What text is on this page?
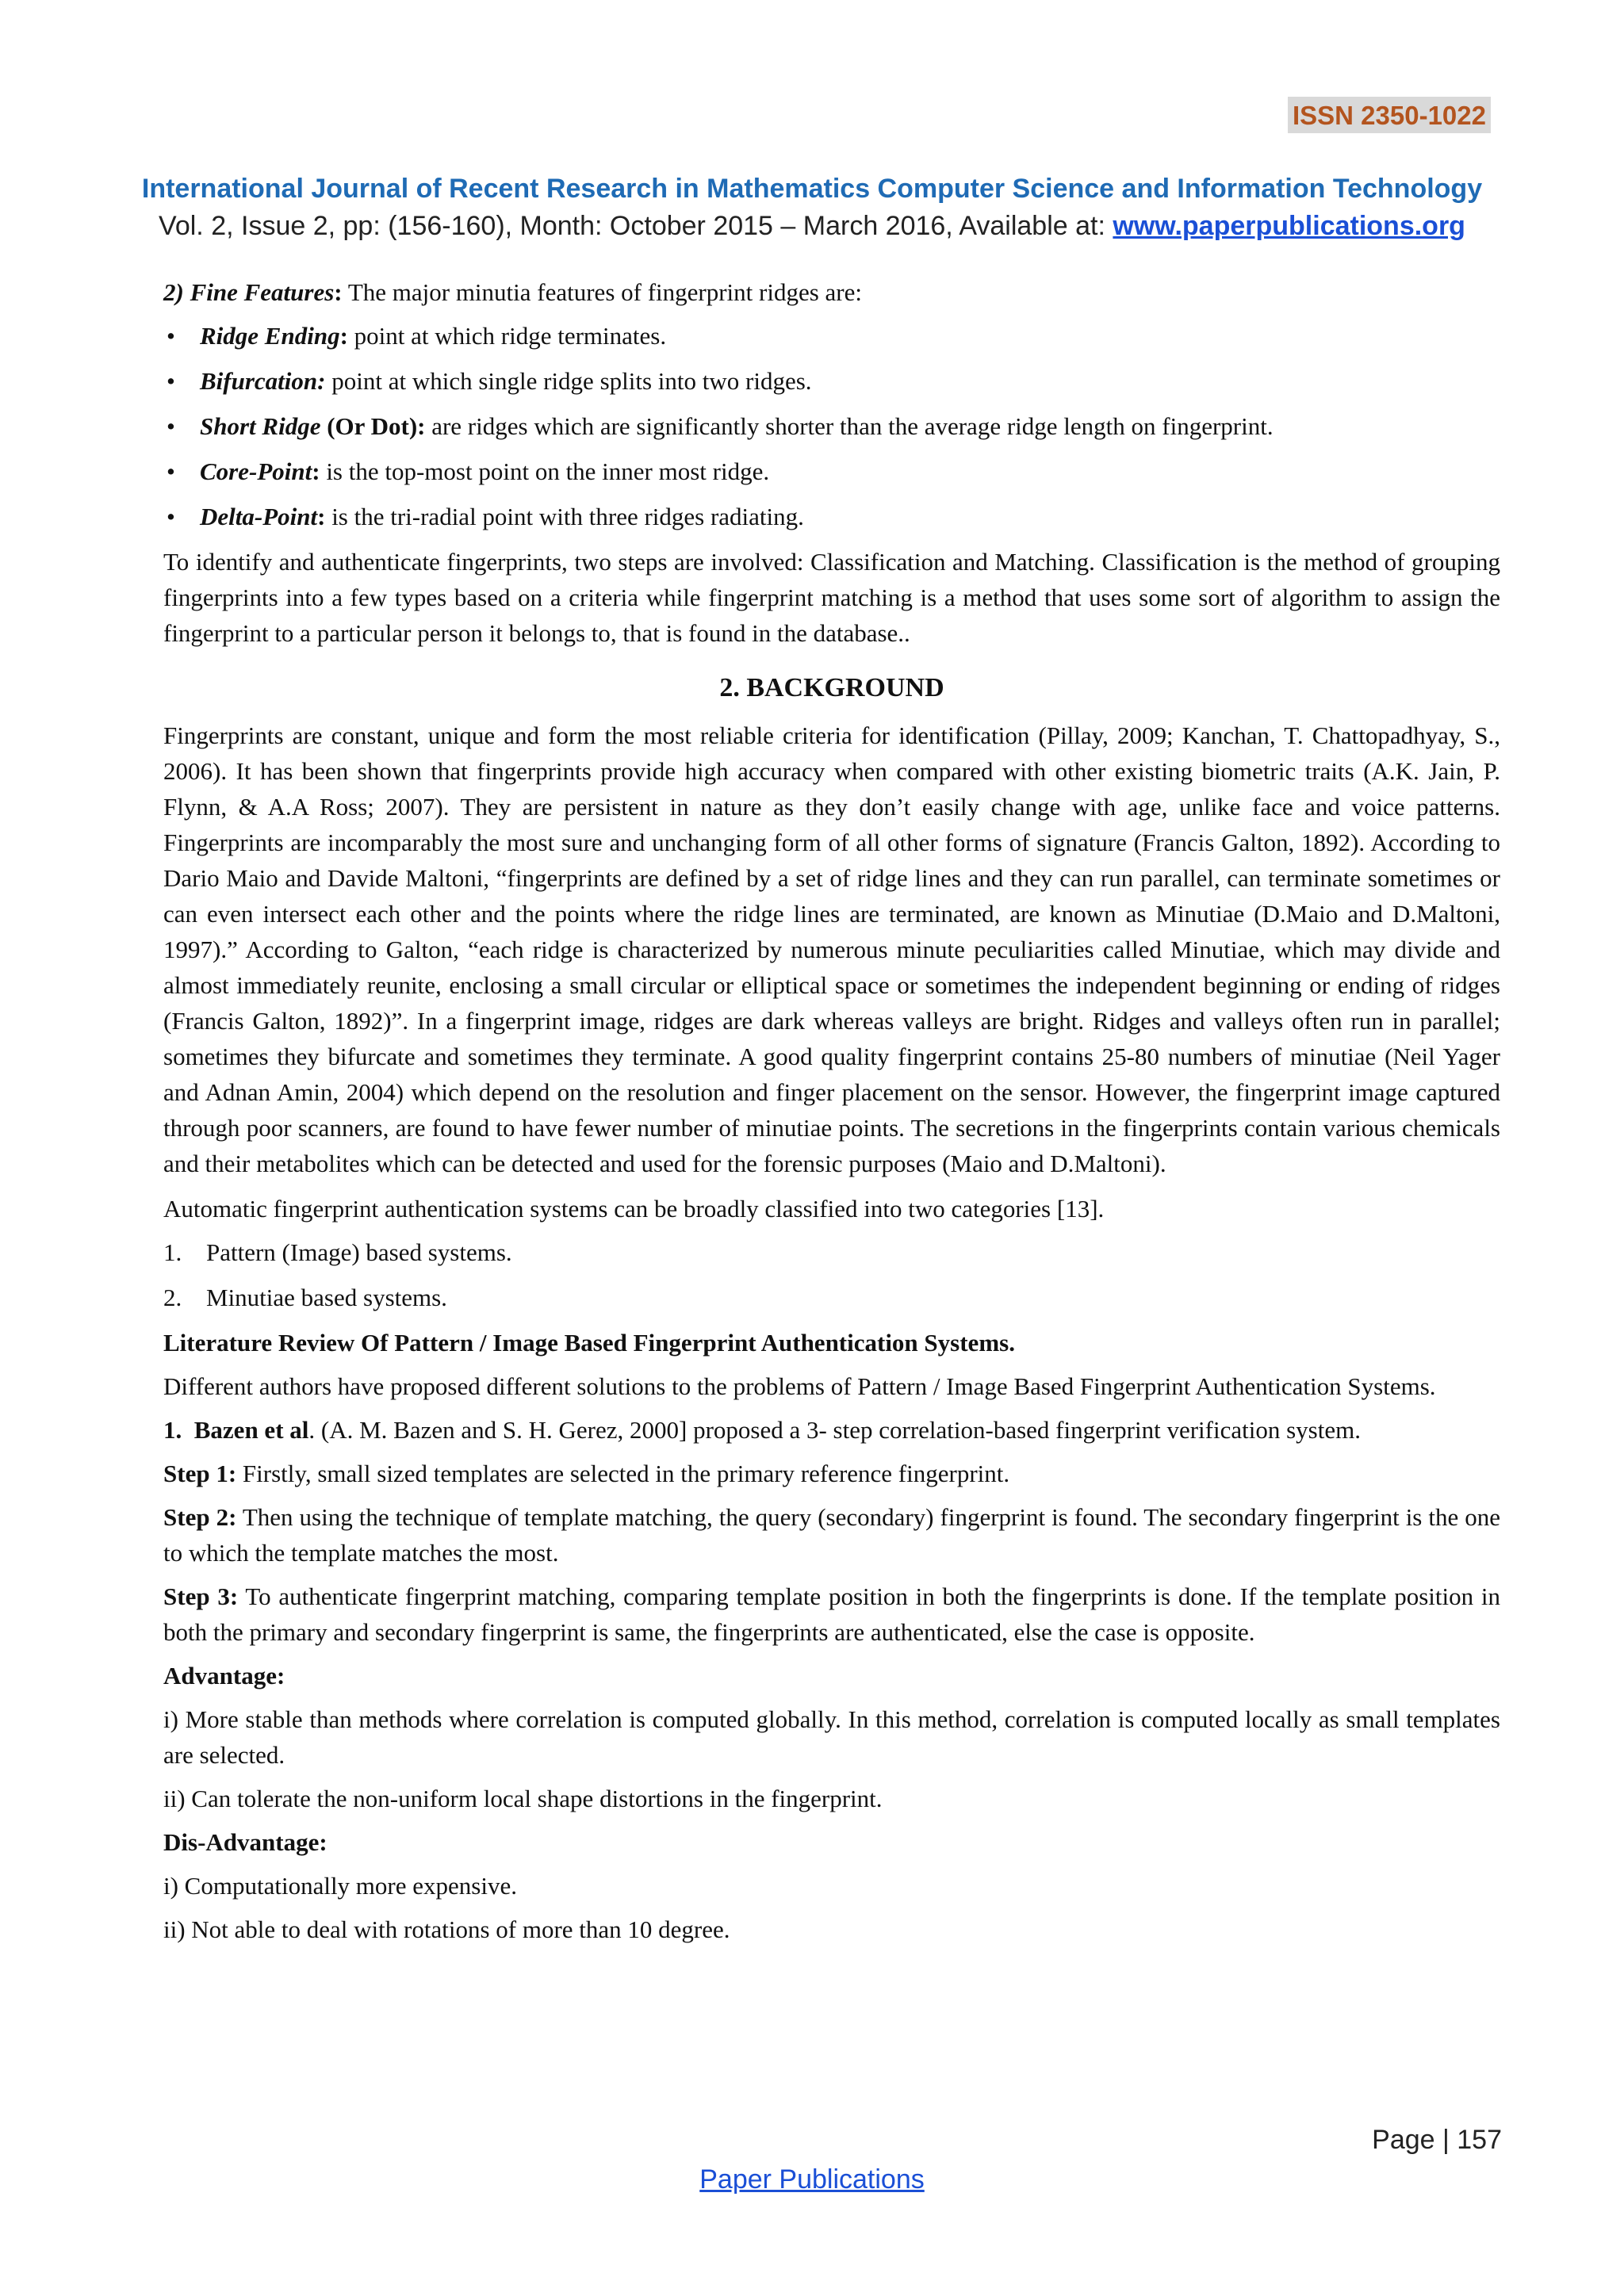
ISSN 2350-1022
International Journal of Recent Research in Mathematics Computer Science and Information Technology
Vol. 2, Issue 2, pp: (156-160), Month: October 2015 – March 2016, Available at: www.paperpublications.org

2) Fine Features: The major minutia features of fingerprint ridges are:

• Ridge Ending: point at which ridge terminates.
• Bifurcation: point at which single ridge splits into two ridges.
• Short Ridge (Or Dot): are ridges which are significantly shorter than the average ridge length on fingerprint.
• Core-Point: is the top-most point on the inner most ridge.
• Delta-Point: is the tri-radial point with three ridges radiating.

To identify and authenticate fingerprints, two steps are involved: Classification and Matching. Classification is the method of grouping fingerprints into a few types based on a criteria while fingerprint matching is a method that uses some sort of algorithm to assign the fingerprint to a particular person it belongs to, that is found in the database..

2. BACKGROUND

Fingerprints are constant, unique and form the most reliable criteria for identification (Pillay, 2009; Kanchan, T. Chattopadhyay, S., 2006). It has been shown that fingerprints provide high accuracy when compared with other existing biometric traits (A.K. Jain, P. Flynn, & A.A Ross; 2007). They are persistent in nature as they don’t easily change with age, unlike face and voice patterns. Fingerprints are incomparably the most sure and unchanging form of all other forms of signature (Francis Galton, 1892). According to Dario Maio and Davide Maltoni, “fingerprints are defined by a set of ridge lines and they can run parallel, can terminate sometimes or can even intersect each other and the points where the ridge lines are terminated, are known as Minutiae (D.Maio and D.Maltoni, 1997).” According to Galton, “each ridge is characterized by numerous minute peculiarities called Minutiae, which may divide and almost immediately reunite, enclosing a small circular or elliptical space or sometimes the independent beginning or ending of ridges (Francis Galton, 1892)”. In a fingerprint image, ridges are dark whereas valleys are bright. Ridges and valleys often run in parallel; sometimes they bifurcate and sometimes they terminate. A good quality fingerprint contains 25-80 numbers of minutiae (Neil Yager and Adnan Amin, 2004) which depend on the resolution and finger placement on the sensor. However, the fingerprint image captured through poor scanners, are found to have fewer number of minutiae points. The secretions in the fingerprints contain various chemicals and their metabolites which can be detected and used for the forensic purposes (Maio and D.Maltoni).

Automatic fingerprint authentication systems can be broadly classified into two categories [13].

1. Pattern (Image) based systems.
2. Minutiae based systems.

Literature Review Of Pattern / Image Based Fingerprint Authentication Systems.

Different authors have proposed different solutions to the problems of Pattern / Image Based Fingerprint Authentication Systems.

1. Bazen et al. (A. M. Bazen and S. H. Gerez, 2000] proposed a 3- step correlation-based fingerprint verification system.

Step 1: Firstly, small sized templates are selected in the primary reference fingerprint.

Step 2: Then using the technique of template matching, the query (secondary) fingerprint is found. The secondary fingerprint is the one to which the template matches the most.

Step 3: To authenticate fingerprint matching, comparing template position in both the fingerprints is done. If the template position in both the primary and secondary fingerprint is same, the fingerprints are authenticated, else the case is opposite.

Advantage:

i) More stable than methods where correlation is computed globally. In this method, correlation is computed locally as small templates are selected.

ii) Can tolerate the non-uniform local shape distortions in the fingerprint.

Dis-Advantage:

i) Computationally more expensive.

ii) Not able to deal with rotations of more than 10 degree.

Page | 157
Paper Publications
